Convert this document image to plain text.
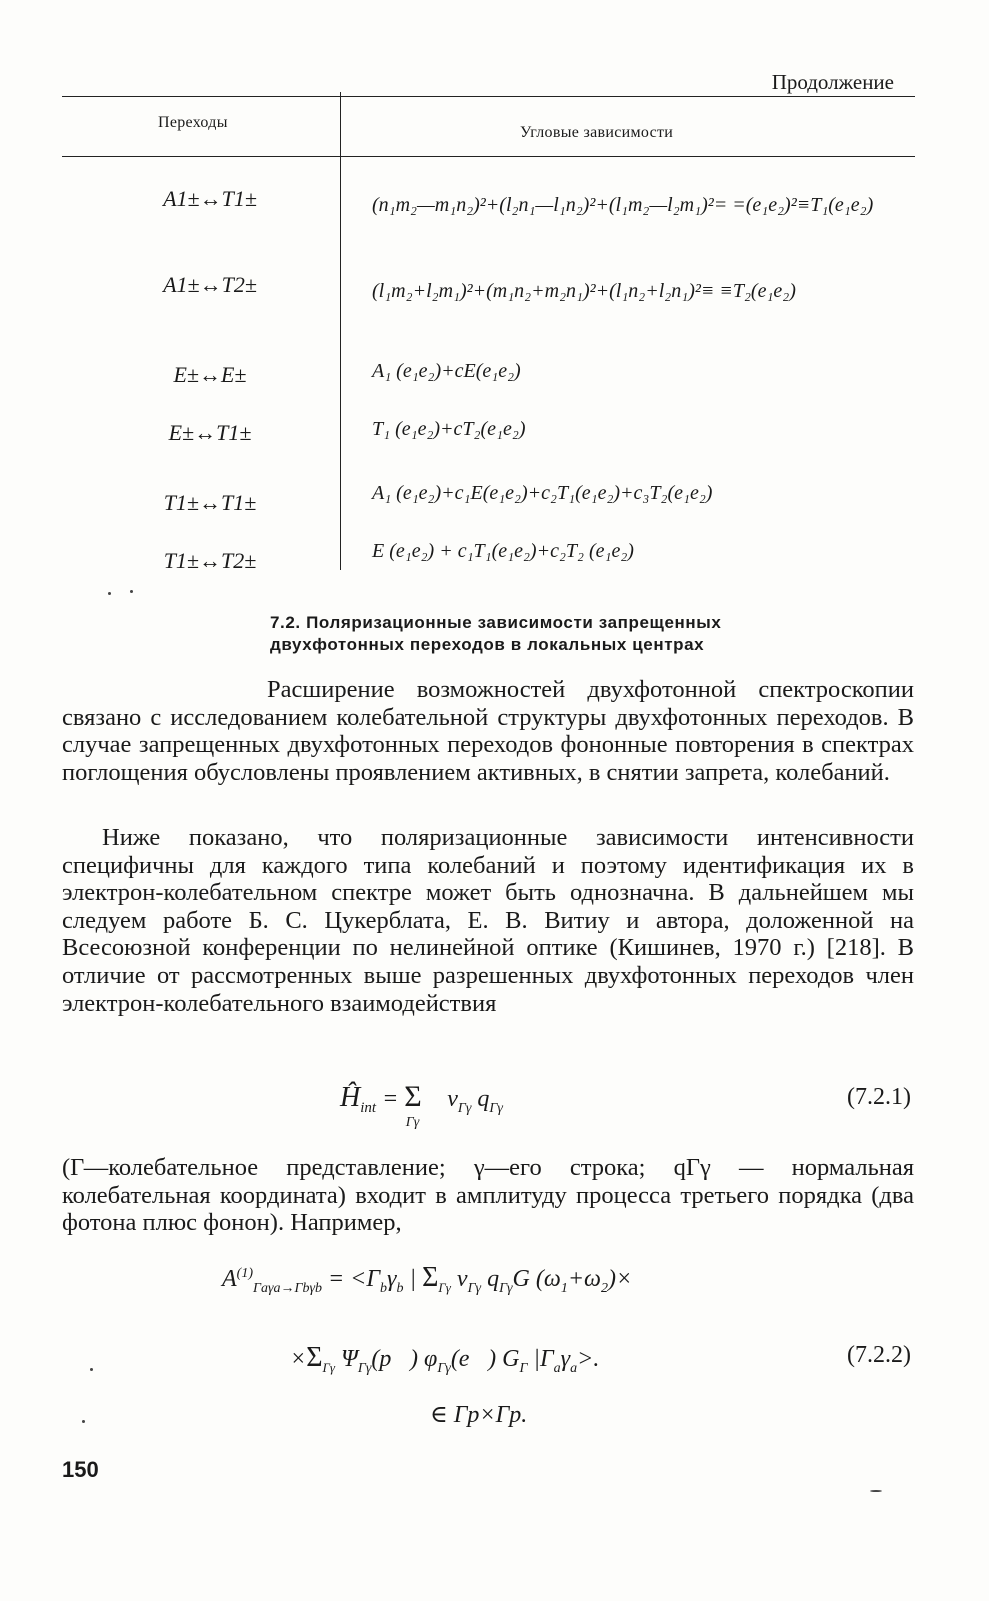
Продолжение
Переходы
Угловые зависимости
A1±↔T1±	(n₁m₂—m₁n₂)²+(l₂n₁—l₁n₂)²+(l₁m₂—l₂m₁)²= =(e₁e₂)²≡T₁(e₁e₂)
A1±↔T2±	(l₁m₂+l₂m₁)²+(m₁n₂+m₂n₁)²+(l₁n₂+l₂n₁)²≡ ≡T₂(e₁e₂)
E±↔E±	A₁ (e₁e₂)+cE(e₁e₂)
E±↔T1±	T₁ (e₁e₂)+cT₂(e₁e₂)
T1±↔T1±	A₁ (e₁e₂)+c₁E(e₁e₂)+c₂T₁(e₁e₂)+c₃T₂(e₁e₂)
T1±↔T2±	E (e₁e₂) + c₁T₁(e₁e₂)+c₂T₂ (e₁e₂)
7.2. Поляризационные зависимости запрещенных двухфотонных переходов в локальных центрах
Расширение возможностей двухфотонной спектроскопии связано с исследованием колебательной структуры двухфотонных переходов. В случае запрещенных двухфотонных переходов фононные повторения в спектрах поглощения обусловлены проявлением активных, в снятии запрета, колебаний.
Ниже показано, что поляризационные зависимости интенсивности специфичны для каждого типа колебаний и поэтому идентификация их в электрон-колебательном спектре может быть однозначна. В дальнейшем мы следуем работе Б. С. Цукерблата, Е. В. Витиу и автора, доложенной на Всесоюзной конференции по нелинейной оптике (Кишинев, 1970 г.) [218]. В отличие от рассмотренных выше разрешенных двухфотонных переходов член электрон-колебательного взаимодействия
$Ĥ_{int} = \Sigma$ $_{\Gamma\gamma}$ $v_{\Gamma\gamma}$ $q_{\Gamma\gamma}$	(7.2.1)
(Г—колебательное представление; γ—его строка; qΓγ — нормальная колебательная координата) входит в амплитуду процесса третьего порядка (два фотона плюс фонон). Например,
$A^{(1)}_{\Gamma a\gamma a\to\Gamma b\gamma b} = <\Gamma_b\gamma_b$ | $\Sigma_{\Gamma\gamma}$ $v_{\Gamma\gamma}$ $q_{\Gamma\gamma}G$ $(\omega_1+\omega_2)\times$
$\times\Sigma_{\Gamma\gamma}$ $\Psi_{\Gamma\gamma}(p⃗)$ $\varphi_{\Gamma\gamma}(e⃗)$ $G_\Gamma$ $|\Gamma_a\gamma_a>$.	(7.2.2)
∈ Γp×Γp.
150
